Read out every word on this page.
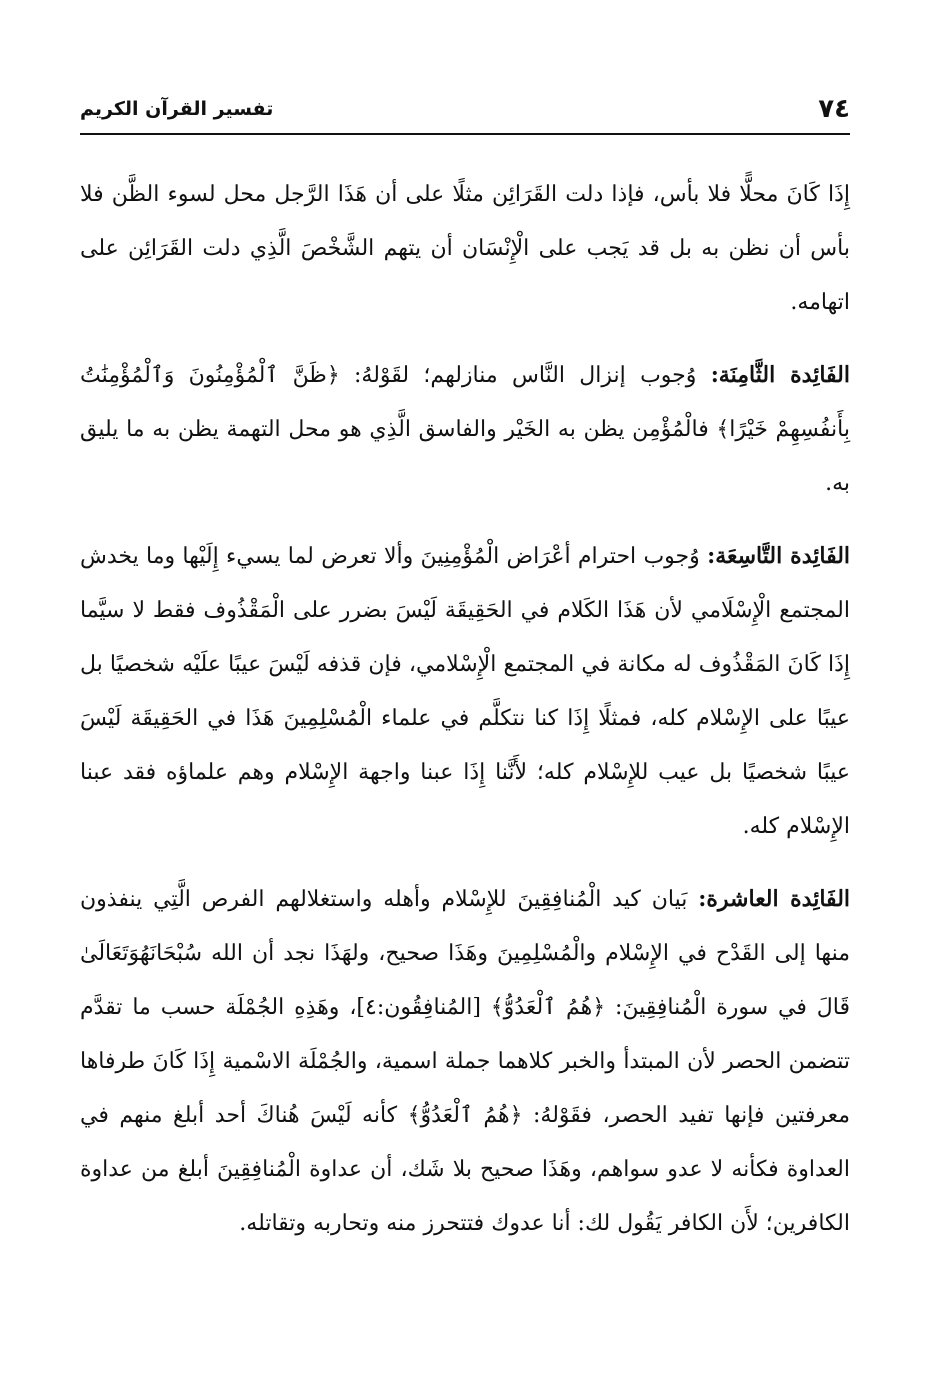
٧٤
تفسير القرآن الكريم

إِذَا كَانَ محلًّا فلا بأس، فإذا دلت القَرَائِن مثلًا على أن هَذَا الرَّجل محل لسوء الظَّن فلا بأس أن نظن به بل قد يَجب على الْإِنْسَان أن يتهم الشَّخْصَ الَّذِي دلت القَرَائِن على اتهامه.

الفَائِدة الثَّامِنَة: وُجوب إنزال النَّاس منازلهم؛ لقَوْلهُ: ﴿ظَنَّ ٱلْمُؤْمِنُونَ وَٱلْمُؤْمِنَٰتُ بِأَنفُسِهِمْ خَيْرًا﴾ فالْمُؤْمِن يظن به الخَيْر والفاسق الَّذِي هو محل التهمة يظن به ما يليق به.

الفَائِدة التَّاسِعَة: وُجوب احترام أعْرَاض الْمُؤْمِنِينَ وألا تعرض لما يسيء إِلَيْها وما يخدش المجتمع الْإِسْلَامي لأن هَذَا الكَلام في الحَقِيقَة لَيْسَ بضرر على الْمَقْذُوف فقط لا سيَّما إِذَا كَانَ المَقْذُوف له مكانة في المجتمع الْإِسْلامي، فإن قذفه لَيْسَ عيبًا علَيْه شخصيًا بل عيبًا على الإِسْلام كله، فمثلًا إِذَا كنا نتكلَّم في علماء الْمُسْلِمِينَ هَذَا في الحَقِيقَة لَيْسَ عيبًا شخصيًا بل عيب للإِسْلام كله؛ لأَنَّنا إِذَا عبنا واجهة الإِسْلام وهم علماؤه فقد عبنا الإِسْلام كله.

الفَائِدة العاشرة: بَيان كيد الْمُنافِقِينَ للإِسْلام وأهله واستغلالهم الفرص الَّتِي ينفذون منها إلى القَدْح في الإِسْلام والْمُسْلِمِينَ وهَذَا صحيح، ولهَذَا نجد أن الله سُبْحَانَهُوَتَعَالَىٰ قَالَ في سورة الْمُنافِقِينَ: ﴿هُمُ ٱلْعَدُوُّ﴾ [المُنافِقُون:٤]، وهَذِهِ الجُمْلَة حسب ما تقدَّم تتضمن الحصر لأن المبتدأ والخبر كلاهما جملة اسمية، والجُمْلَة الاسْمية إِذَا كَانَ طرفاها معرفتين فإنها تفيد الحصر، فقَوْلهُ: ﴿هُمُ ٱلْعَدُوُّ﴾ كأنه لَيْسَ هُناكَ أحد أبلغ منهم في العداوة فكأنه لا عدو سواهم، وهَذَا صحيح بلا شَك، أن عداوة الْمُنافِقِينَ أبلغ من عداوة الكافرين؛ لأَن الكافر يَقُول لك: أنا عدوك فتتحرز منه وتحاربه وتقاتله.
